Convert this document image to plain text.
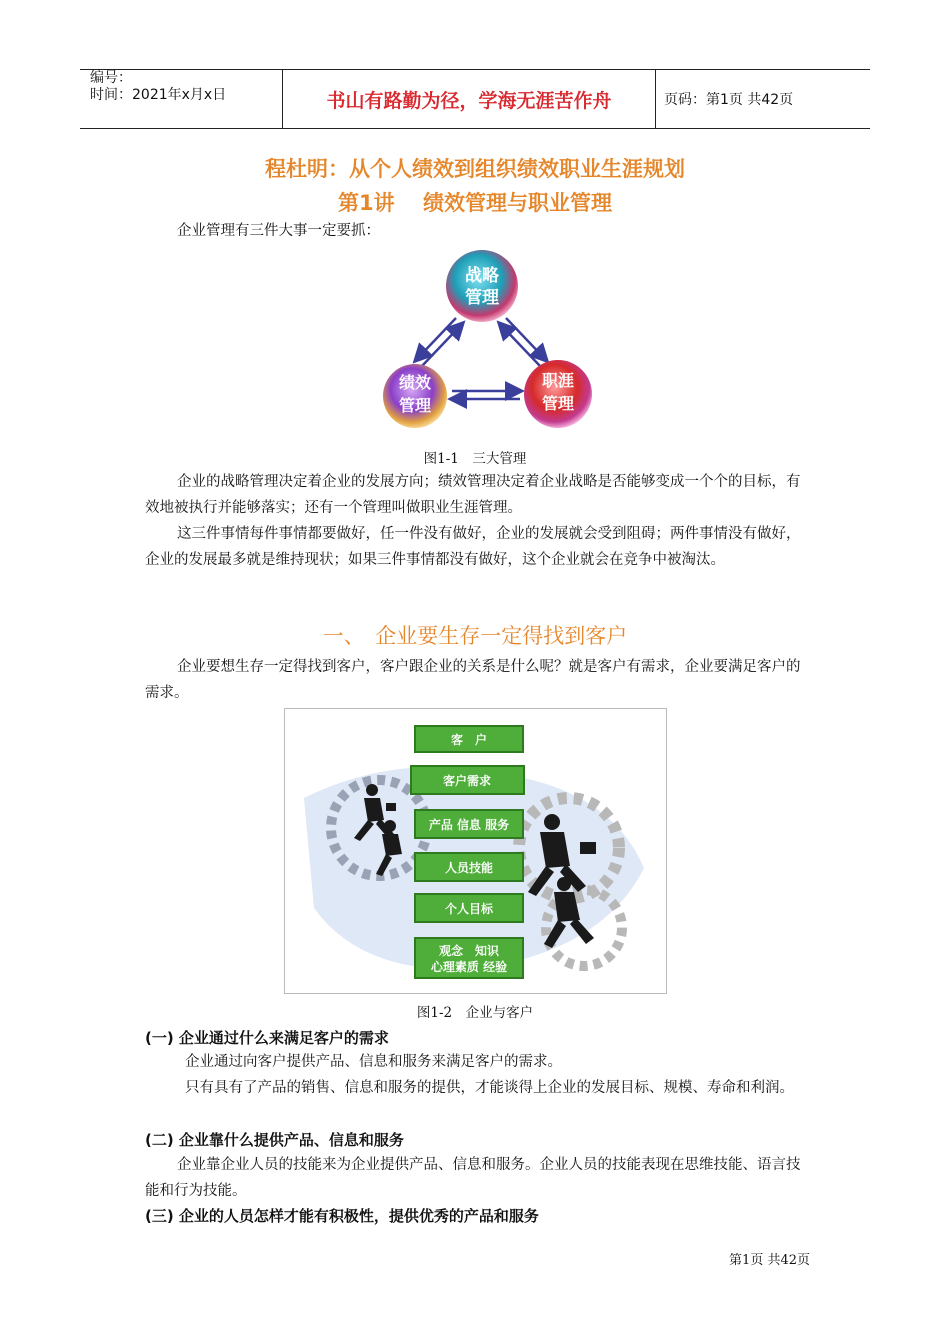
编号：
时间：2021年x月x日	书山有路勤为径，学海无涯苦作舟	页码：第1页 共42页
程杜明：从个人绩效到组织绩效职业生涯规划
第1讲　 绩效管理与职业管理
企业管理有三件大事一定要抓：
战略
管理
绩效
管理
职涯
管理
图1-1　三大管理
企业的战略管理决定着企业的发展方向；绩效管理决定着企业战略是否能够变成一个个的目标，有效地被执行并能够落实；还有一个管理叫做职业生涯管理。
这三件事情每件事情都要做好，任一件没有做好，企业的发展就会受到阻碍；两件事情没有做好，企业的发展最多就是维持现状；如果三件事情都没有做好，这个企业就会在竞争中被淘汰。
一、　企业要生存一定得找到客户
企业要想生存一定得找到客户，客户跟企业的关系是什么呢？就是客户有需求，企业要满足客户的需求。
客　户
客户需求
产品 信息 服务
人员技能
个人目标
观念　知识
心理素质 经验
图1-2　企业与客户
(一) 企业通过什么来满足客户的需求
企业通过向客户提供产品、信息和服务来满足客户的需求。
只有具有了产品的销售、信息和服务的提供，才能谈得上企业的发展目标、规模、寿命和利润。
(二) 企业靠什么提供产品、信息和服务
企业靠企业人员的技能来为企业提供产品、信息和服务。企业人员的技能表现在思维技能、语言技能和行为技能。
(三) 企业的人员怎样才能有积极性，提供优秀的产品和服务
第1页 共42页
